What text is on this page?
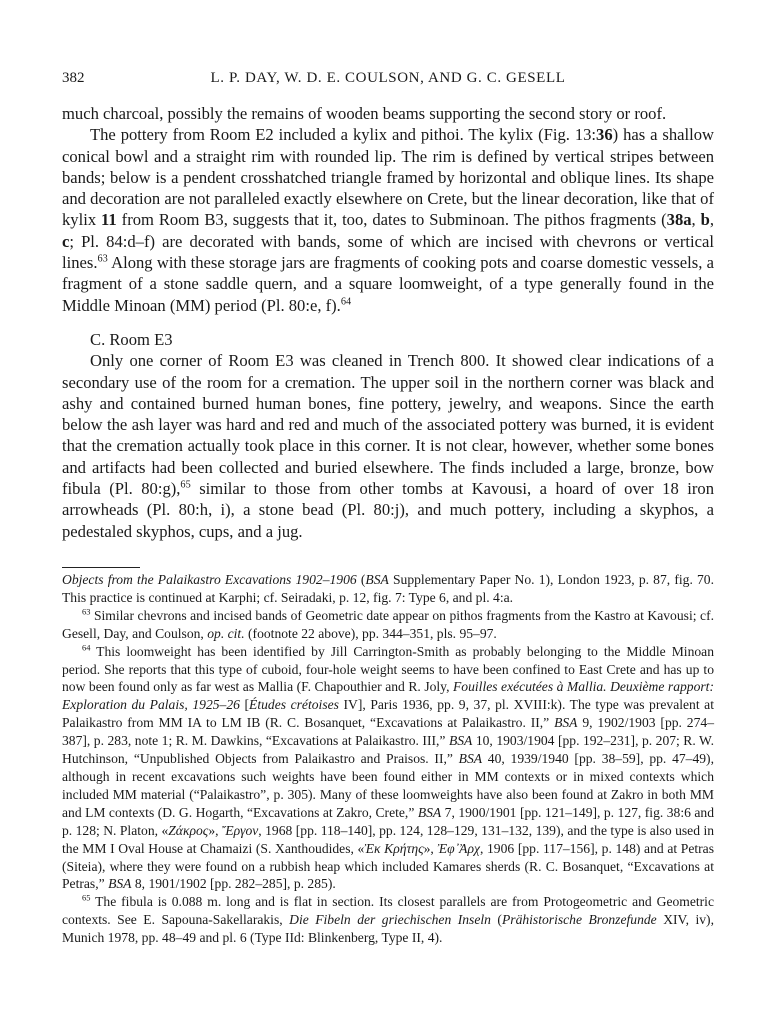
382	L. P. DAY, W. D. E. COULSON, AND G. C. GESELL

much charcoal, possibly the remains of wooden beams supporting the second story or roof.

The pottery from Room E2 included a kylix and pithoi. The kylix (Fig. 13:36) has a shallow conical bowl and a straight rim with rounded lip. The rim is defined by vertical stripes between bands; below is a pendent crosshatched triangle framed by horizontal and oblique lines. Its shape and decoration are not paralleled exactly elsewhere on Crete, but the linear decoration, like that of kylix 11 from Room B3, suggests that it, too, dates to Subminoan. The pithos fragments (38a, b, c; Pl. 84:d–f) are decorated with bands, some of which are incised with chevrons or vertical lines.$^{63}$ Along with these storage jars are fragments of cooking pots and coarse domestic vessels, a fragment of a stone saddle quern, and a square loomweight, of a type generally found in the Middle Minoan (MM) period (Pl. 80:e, f).$^{64}$

C. Room E3

Only one corner of Room E3 was cleaned in Trench 800. It showed clear indications of a secondary use of the room for a cremation. The upper soil in the northern corner was black and ashy and contained burned human bones, fine pottery, jewelry, and weapons. Since the earth below the ash layer was hard and red and much of the associated pottery was burned, it is evident that the cremation actually took place in this corner. It is not clear, however, whether some bones and artifacts had been collected and buried elsewhere. The finds included a large, bronze, bow fibula (Pl. 80:g),$^{65}$ similar to those from other tombs at Kavousi, a hoard of over 18 iron arrowheads (Pl. 80:h, i), a stone bead (Pl. 80:j), and much pottery, including a skyphos, a pedestaled skyphos, cups, and a jug.

Objects from the Palaikastro Excavations 1902–1906 (BSA Supplementary Paper No. 1), London 1923, p. 87, fig. 70. This practice is continued at Karphi; cf. Seiradaki, p. 12, fig. 7: Type 6, and pl. 4:a.

$^{63}$ Similar chevrons and incised bands of Geometric date appear on pithos fragments from the Kastro at Kavousi; cf. Gesell, Day, and Coulson, op. cit. (footnote 22 above), pp. 344–351, pls. 95–97.

$^{64}$ This loomweight has been identified by Jill Carrington-Smith as probably belonging to the Middle Minoan period. She reports that this type of cuboid, four-hole weight seems to have been confined to East Crete and has up to now been found only as far west as Mallia (F. Chapouthier and R. Joly, Fouilles exécutées à Mallia. Deuxième rapport: Exploration du Palais, 1925–26 [Études crétoises IV], Paris 1936, pp. 9, 37, pl. XVIII:k). The type was prevalent at Palaikastro from MM IA to LM IB (R. C. Bosanquet, “Excavations at Palaikastro. II,” BSA 9, 1902/1903 [pp. 274–387], p. 283, note 1; R. M. Dawkins, “Excavations at Palaikastro. III,” BSA 10, 1903/1904 [pp. 192–231], p. 207; R. W. Hutchinson, “Unpublished Objects from Palaikastro and Praisos. II,” BSA 40, 1939/1940 [pp. 38–59], pp. 47–49), although in recent excavations such weights have been found either in MM contexts or in mixed contexts which included MM material (“Palaikastro”, p. 305). Many of these loomweights have also been found at Zakro in both MM and LM contexts (D. G. Hogarth, “Excavations at Zakro, Crete,” BSA 7, 1900/1901 [pp. 121–149], p. 127, fig. 38:6 and p. 128; N. Platon, «Ζάκρος», Ἔργον, 1968 [pp. 118–140], pp. 124, 128–129, 131–132, 139), and the type is also used in the MM I Oval House at Chamaizi (S. Xanthoudides, «Ἐκ Κρήτης», Ἐφ᾽Ἀρχ, 1906 [pp. 117–156], p. 148) and at Petras (Siteia), where they were found on a rubbish heap which included Kamares sherds (R. C. Bosanquet, “Excavations at Petras,” BSA 8, 1901/1902 [pp. 282–285], p. 285).

$^{65}$ The fibula is 0.088 m. long and is flat in section. Its closest parallels are from Protogeometric and Geometric contexts. See E. Sapouna-Sakellarakis, Die Fibeln der griechischen Inseln (Prähistorische Bronzefunde XIV, iv), Munich 1978, pp. 48–49 and pl. 6 (Type IId: Blinkenberg, Type II, 4).
